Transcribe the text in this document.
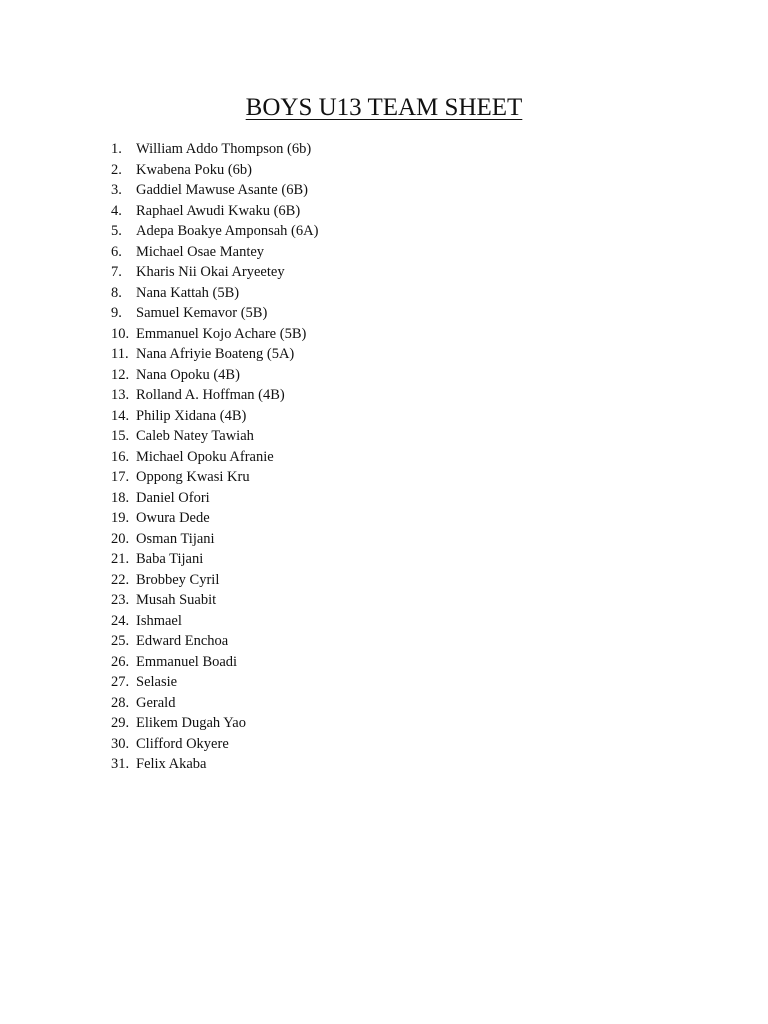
BOYS U13 TEAM SHEET
1. William Addo Thompson (6b)
2. Kwabena Poku (6b)
3. Gaddiel Mawuse Asante (6B)
4. Raphael Awudi Kwaku (6B)
5. Adepa Boakye Amponsah (6A)
6. Michael Osae Mantey
7. Kharis Nii Okai Aryeetey
8. Nana Kattah (5B)
9. Samuel Kemavor (5B)
10. Emmanuel Kojo Achare (5B)
11. Nana Afriyie Boateng (5A)
12. Nana Opoku (4B)
13. Rolland A. Hoffman (4B)
14. Philip Xidana (4B)
15. Caleb Natey Tawiah
16. Michael Opoku Afranie
17. Oppong Kwasi Kru
18. Daniel Ofori
19. Owura Dede
20. Osman Tijani
21. Baba Tijani
22. Brobbey Cyril
23. Musah Suabit
24. Ishmael
25. Edward Enchoa
26. Emmanuel Boadi
27. Selasie
28. Gerald
29. Elikem Dugah Yao
30. Clifford Okyere
31. Felix Akaba
